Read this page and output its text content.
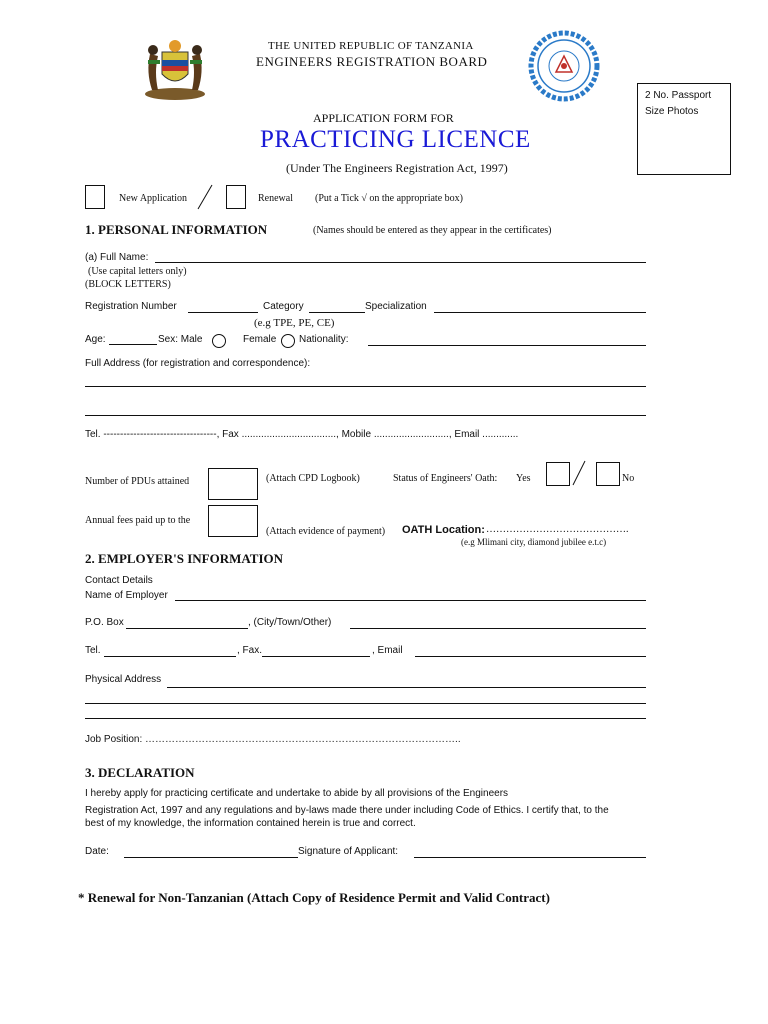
THE UNITED REPUBLIC OF TANZANIA
ENGINEERS REGISTRATION BOARD
2 No. Passport
Size Photos
APPLICATION FORM FOR
PRACTICING LICENCE
(Under The Engineers Registration Act, 1997)
New Application	Renewal (Put a Tick √ on the appropriate box)
1. PERSONAL INFORMATION	(Names should be entered as they appear in the certificates)
(a) Full Name:
(Use capital letters only)
(BLOCK LETTERS)
Registration Number	Category	Specialization
(e.g TPE, PE, CE)
Age:	Sex: Male	Female Nationality:
Full Address (for registration and correspondence):
Tel. ----------------------------------, Fax .................................., Mobile ..........................., Email .............
Number of PDUs attained	(Attach CPD Logbook)	Status of Engineers' Oath: Yes	No
Annual fees paid up to the
(Attach evidence of payment) OATH Location: …………………………………….
(e.g Mlimani city, diamond jubilee e.t.c)
2. EMPLOYER'S INFORMATION
Contact Details
Name of Employer
P.O. Box	, (City/Town/Other)
Tel.	, Fax.	, Email
Physical Address
Job Position: …………………………………………………………………………………..
3. DECLARATION
I hereby apply for practicing certificate and undertake to abide by all provisions of the Engineers
Registration Act, 1997 and any regulations and by-laws made there under including Code of Ethics. I certify that, to the
best of my knowledge, the information contained herein is true and correct.
Date:	Signature of Applicant:
* Renewal for Non-Tanzanian (Attach Copy of Residence Permit and Valid Contract)
